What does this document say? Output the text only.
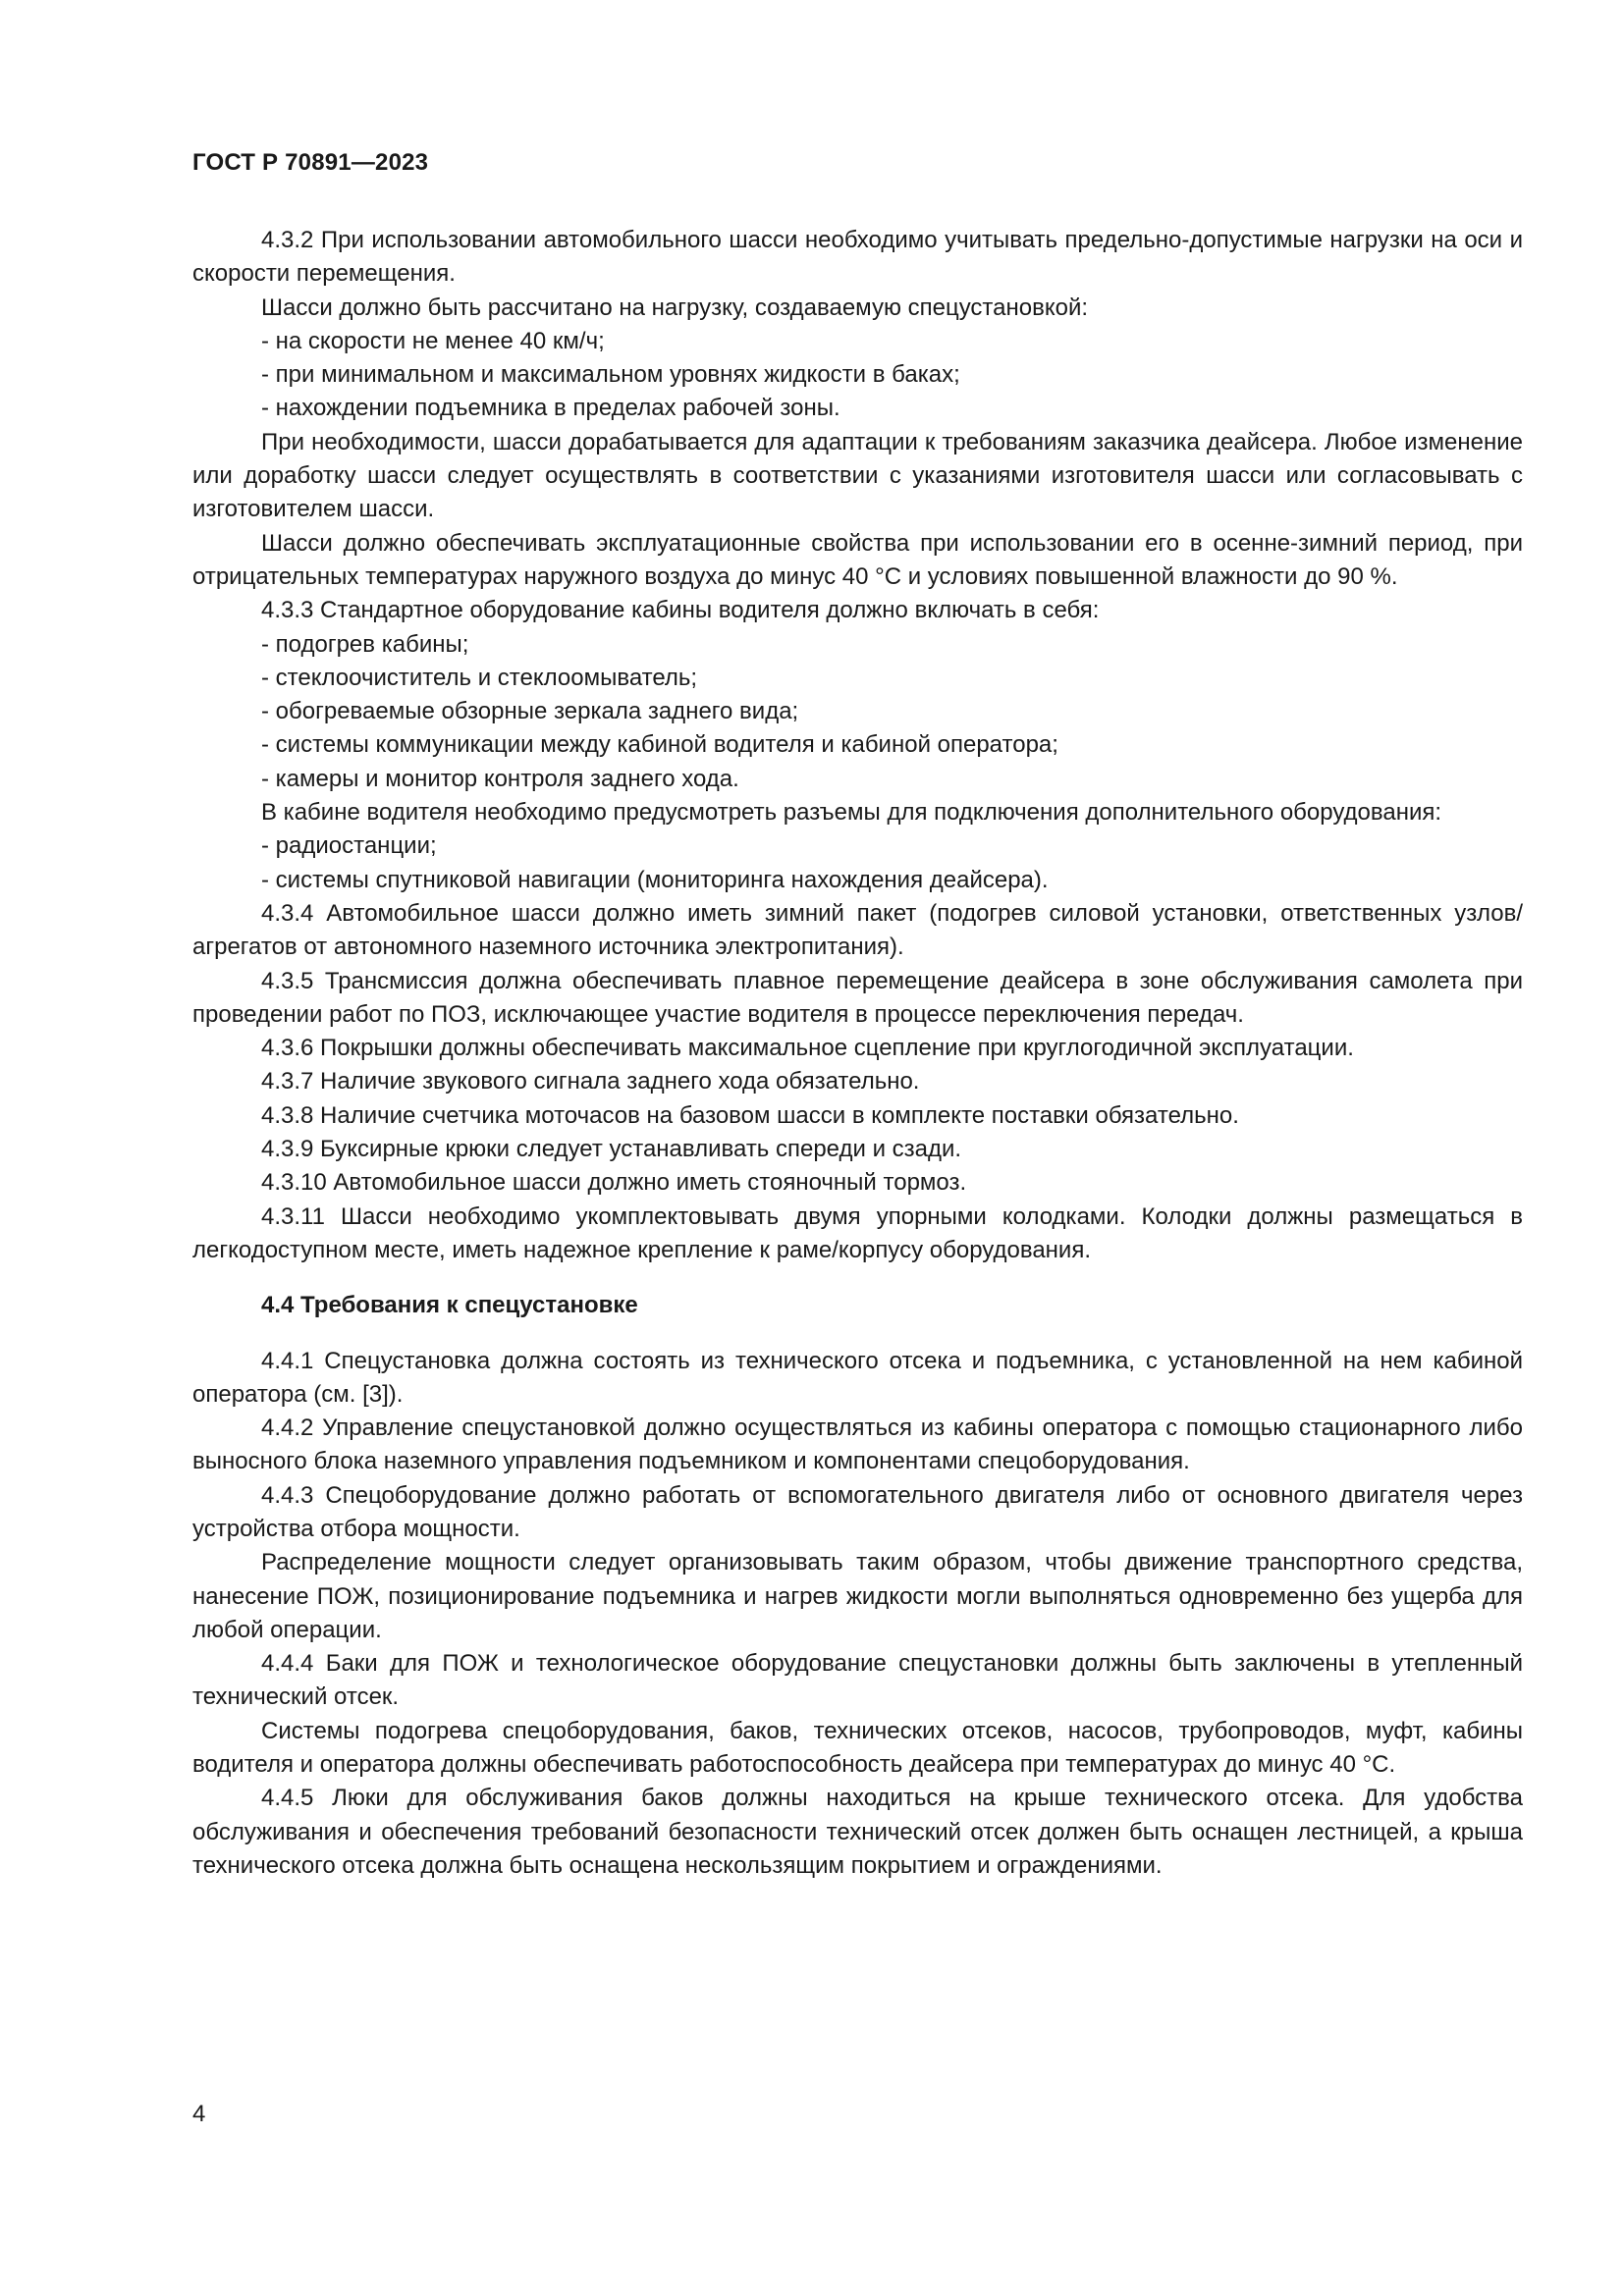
ГОСТ Р 70891—2023

4.3.2 При использовании автомобильного шасси необходимо учитывать предельно-допустимые нагрузки на оси и скорости перемещения.

Шасси должно быть рассчитано на нагрузку, создаваемую спецустановкой:

- на скорости не менее 40 км/ч;

- при минимальном и максимальном уровнях жидкости в баках;

- нахождении подъемника в пределах рабочей зоны.

При необходимости, шасси дорабатывается для адаптации к требованиям заказчика деайсера. Любое изменение или доработку шасси следует осуществлять в соответствии с указаниями изготовителя шасси или согласовывать с изготовителем шасси.

Шасси должно обеспечивать эксплуатационные свойства при использовании его в осенне-зимний период, при отрицательных температурах наружного воздуха до минус 40 °С и условиях повышенной влажности до 90 %.

4.3.3 Стандартное оборудование кабины водителя должно включать в себя:

- подогрев кабины;

- стеклоочиститель и стеклоомыватель;

- обогреваемые обзорные зеркала заднего вида;

- системы коммуникации между кабиной водителя и кабиной оператора;

- камеры и монитор контроля заднего хода.

В кабине водителя необходимо предусмотреть разъемы для подключения дополнительного оборудования:

- радиостанции;

- системы спутниковой навигации (мониторинга нахождения деайсера).

4.3.4 Автомобильное шасси должно иметь зимний пакет (подогрев силовой установки, ответственных узлов/агрегатов от автономного наземного источника электропитания).

4.3.5 Трансмиссия должна обеспечивать плавное перемещение деайсера в зоне обслуживания самолета при проведении работ по ПОЗ, исключающее участие водителя в процессе переключения передач.

4.3.6 Покрышки должны обеспечивать максимальное сцепление при круглогодичной эксплуатации.

4.3.7 Наличие звукового сигнала заднего хода обязательно.

4.3.8 Наличие счетчика моточасов на базовом шасси в комплекте поставки обязательно.

4.3.9 Буксирные крюки следует устанавливать спереди и сзади.

4.3.10 Автомобильное шасси должно иметь стояночный тормоз.

4.3.11 Шасси необходимо укомплектовывать двумя упорными колодками. Колодки должны размещаться в легкодоступном месте, иметь надежное крепление к раме/корпусу оборудования.

4.4 Требования к спецустановке

4.4.1 Спецустановка должна состоять из технического отсека и подъемника, с установленной на нем кабиной оператора (см. [3]).

4.4.2 Управление спецустановкой должно осуществляться из кабины оператора с помощью стационарного либо выносного блока наземного управления подъемником и компонентами спецоборудования.

4.4.3 Спецоборудование должно работать от вспомогательного двигателя либо от основного двигателя через устройства отбора мощности.

Распределение мощности следует организовывать таким образом, чтобы движение транспортного средства, нанесение ПОЖ, позиционирование подъемника и нагрев жидкости могли выполняться одновременно без ущерба для любой операции.

4.4.4 Баки для ПОЖ и технологическое оборудование спецустановки должны быть заключены в утепленный технический отсек.

Системы подогрева спецоборудования, баков, технических отсеков, насосов, трубопроводов, муфт, кабины водителя и оператора должны обеспечивать работоспособность деайсера при температурах до минус 40 °С.

4.4.5 Люки для обслуживания баков должны находиться на крыше технического отсека. Для удобства обслуживания и обеспечения требований безопасности технический отсек должен быть оснащен лестницей, а крыша технического отсека должна быть оснащена нескользящим покрытием и ограждениями.

4
